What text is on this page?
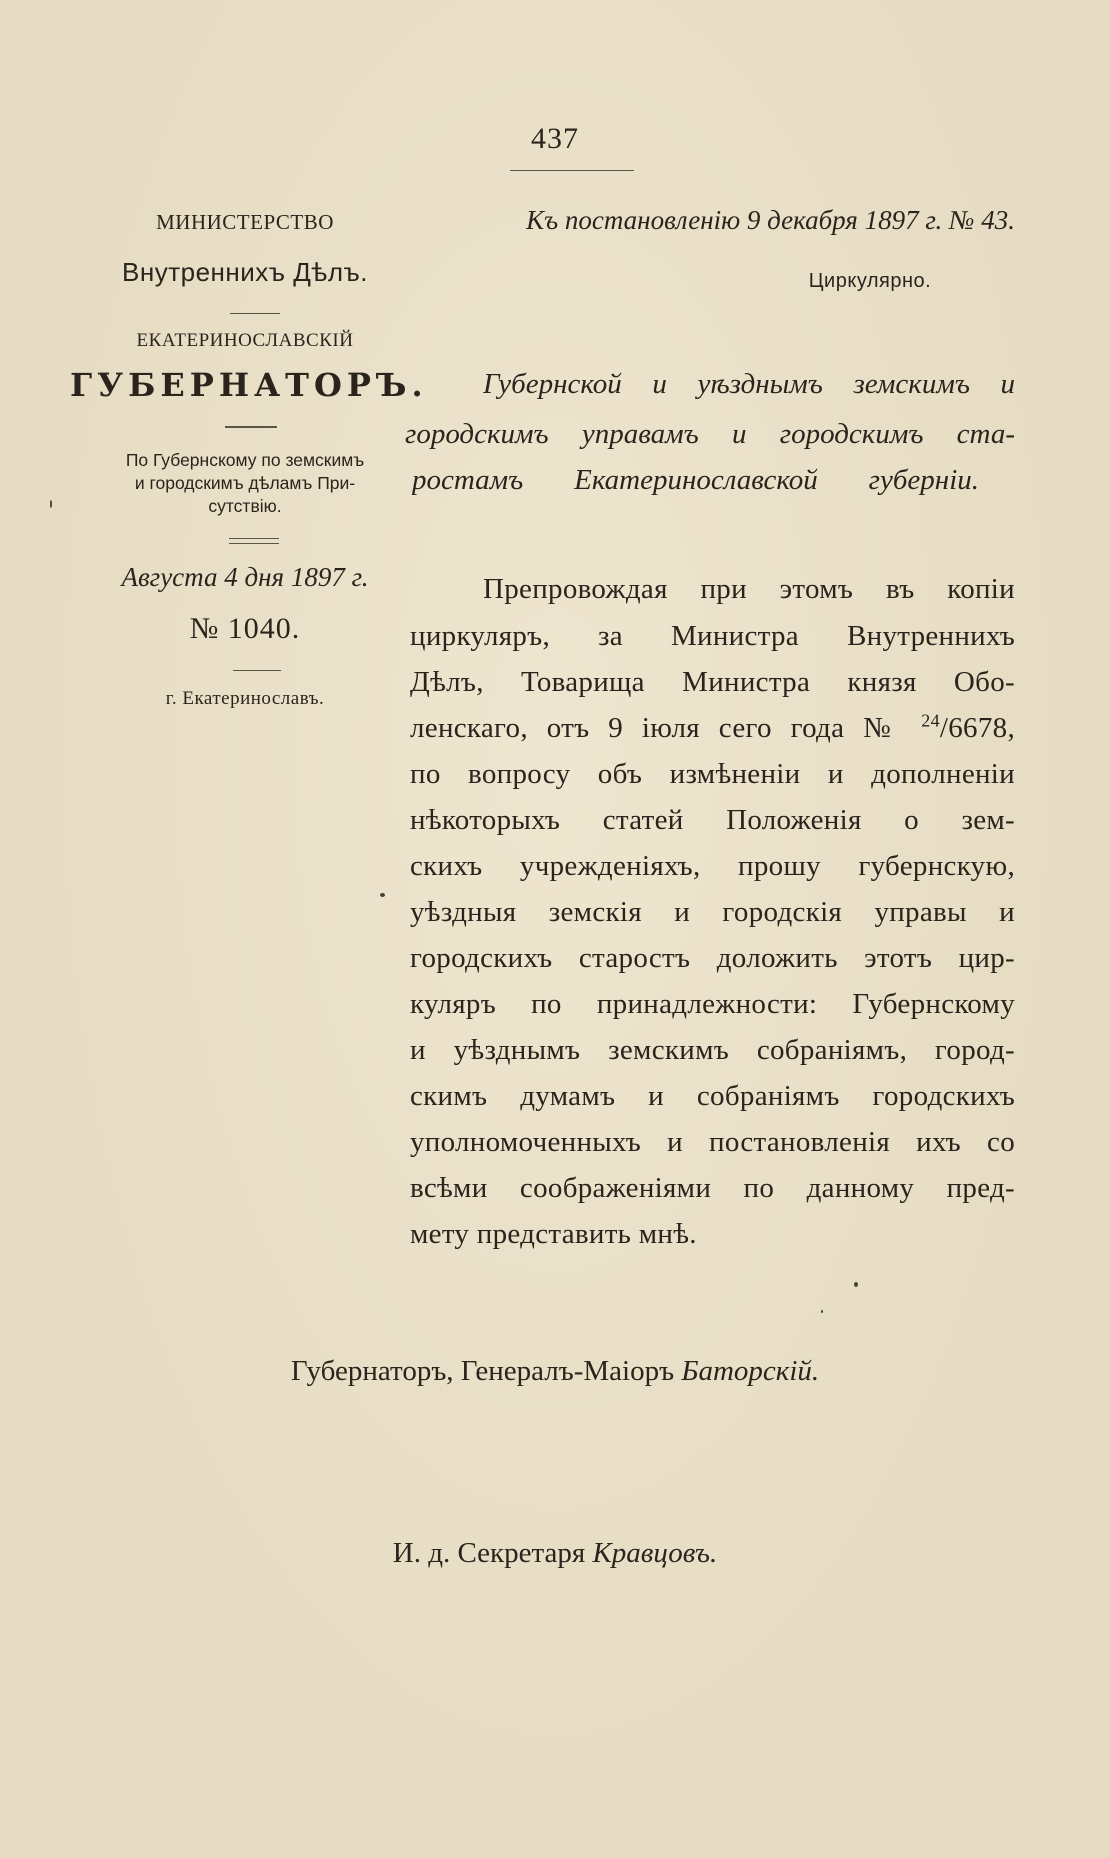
437
МИНИСТЕРСТВО
Внутреннихъ Дѣлъ.
ЕКАТЕРИНОСЛАВСКІЙ
ГУБЕРНАТОРЪ.
По Губернскому по земскимъ
и городскимъ дѣламъ При-
сутствію.
Августа 4 дня 1897 г.
№ 1040.
г. Екатеринославъ.
Къ постановленію 9 декабря 1897 г. № 43.
Циркулярно.
Губернской и уѣзднымъ земскимъ и
городскимъ управамъ и городскимъ ста-
ростамъ Екатеринославской губерніи.
Препровождая при этомъ въ копіи
циркуляръ, за Министра Внутреннихъ
Дѣлъ, Товарища Министра князя Обо-
ленскаго, отъ 9 іюля сего года № $^{24}$/6678,
по вопросу объ измѣненіи и дополненіи
нѣкоторыхъ статей Положенія о зем-
скихъ учрежденіяхъ, прошу губернскую,
уѣздныя земскія и городскія управы и
городскихъ старостъ доложить этотъ цир-
куляръ по принадлежности: Губернскому
и уѣзднымъ земскимъ собраніямъ, город-
скимъ думамъ и собраніямъ городскихъ
уполномоченныхъ и постановленія ихъ со
всѣми соображеніями по данному пред-
мету представить мнѣ.
Губернаторъ, Генералъ-Маіоръ Баторскій.
И. д. Секретаря Кравцовъ.
